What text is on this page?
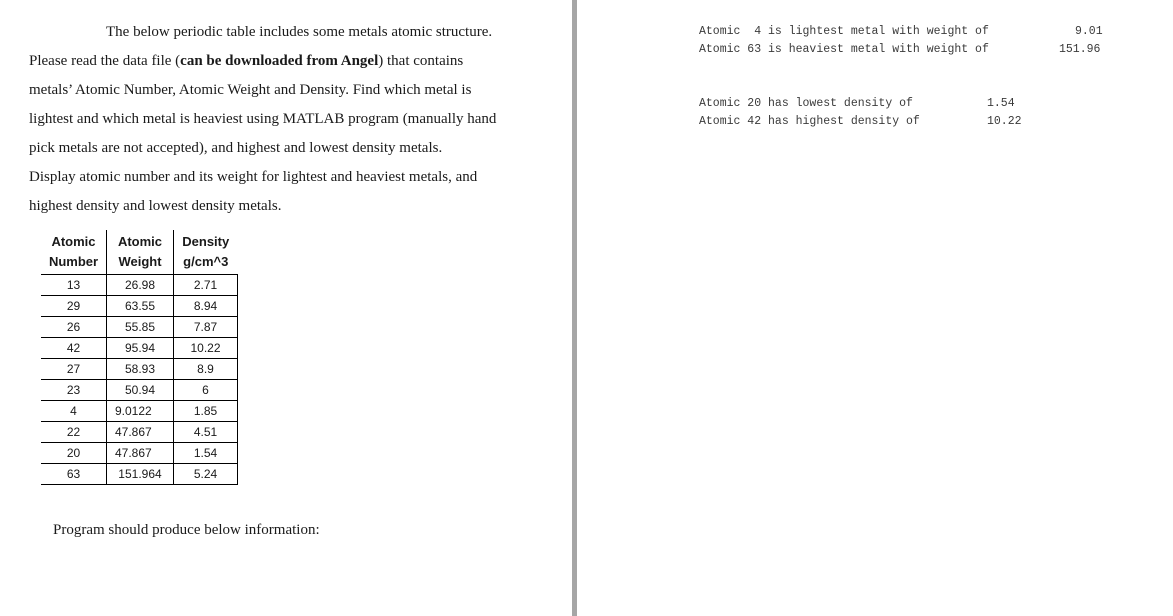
The below periodic table includes some metals atomic structure.
Please read the data file (can be downloaded from Angel) that contains
metals’ Atomic Number, Atomic Weight and Density. Find which metal is
lightest and which metal is heaviest using MATLAB program (manually hand
pick metals are not accepted), and highest and lowest density metals.
Display atomic number and its weight for lightest and heaviest metals, and
highest density and lowest density metals.
Atomic	Atomic	Density
Number	Weight	g/cm^3
13	26.98	2.71
29	63.55	8.94
26	55.85	7.87
42	95.94	10.22
27	58.93	8.9
23	50.94	6
4	9.0122	1.85
22	47.867	4.51
20	47.867	1.54
63	151.964	5.24
Program should produce below information:
Atomic  4 is lightest metal with weight of	9.01
Atomic 63 is heaviest metal with weight of	151.96
Atomic 20 has lowest density of	1.54
Atomic 42 has highest density of	10.22
